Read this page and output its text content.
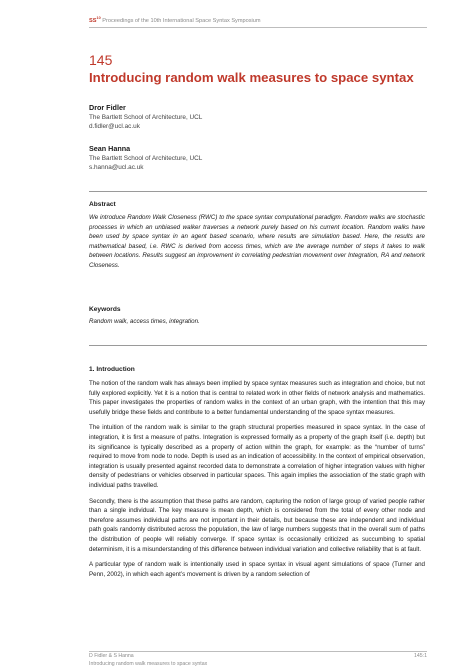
SS$^{10}$ Proceedings of the 10th International Space Syntax Symposium
145
Introducing random walk measures to space syntax
Dror Fidler
The Bartlett School of Architecture, UCL
d.fidler@ucl.ac.uk
Sean Hanna
The Bartlett School of Architecture, UCL
s.hanna@ucl.ac.uk
Abstract
We introduce Random Walk Closeness (RWC) to the space syntax computational paradigm. Random walks are stochastic processes in which an unbiased walker traverses a network purely based on his current location. Random walks have been used by space syntax in an agent based scenario, where results are simulation based. Here, the results are mathematical based, i.e. RWC is derived from access times, which are the average number of steps it takes to walk between locations. Results suggest an improvement in correlating pedestrian movement over Integration, RA and network Closeness.
Keywords
Random walk, access times, integration.
1. Introduction

The notion of the random walk has always been implied by space syntax measures such as integration and choice, but not fully explored explicitly. Yet it is a notion that is central to related work in other fields of network analysis and mathematics. This paper investigates the properties of random walks in the context of an urban graph, with the intention that this may usefully bridge these fields and contribute to a better fundamental understanding of the space syntax measures.

The intuition of the random walk is similar to the graph structural properties measured in space syntax. In the case of integration, it is first a measure of paths. Integration is expressed formally as a property of the graph itself (i.e. depth) but its significance is typically described as a property of action within the graph, for example: as the “number of turns” required to move from node to node. Depth is used as an indication of accessibility. In the context of empirical observation, integration is usually presented against recorded data to demonstrate a correlation of higher integration values with higher density of pedestrians or vehicles observed in particular spaces. This again implies the association of the static graph with individual paths travelled.

Secondly, there is the assumption that these paths are random, capturing the notion of large group of varied people rather than a single individual. The key measure is mean depth, which is considered from the total of every other node and therefore assumes individual paths are not important in their details, but because these are independent and individual path goals randomly distributed across the population, the law of large numbers suggests that in the overall sum of paths the distribution of people will reliably converge. If space syntax is occasionally criticized as succumbing to spatial determinism, it is a misunderstanding of this difference between individual variation and collective reliability that is at fault.

A particular type of random walk is intentionally used in space syntax in visual agent simulations of space (Turner and Penn, 2002), in which each agent’s movement is driven by a random selection of

D Fidler & S Hanna
Introducing random walk measures to space syntax
145:1
